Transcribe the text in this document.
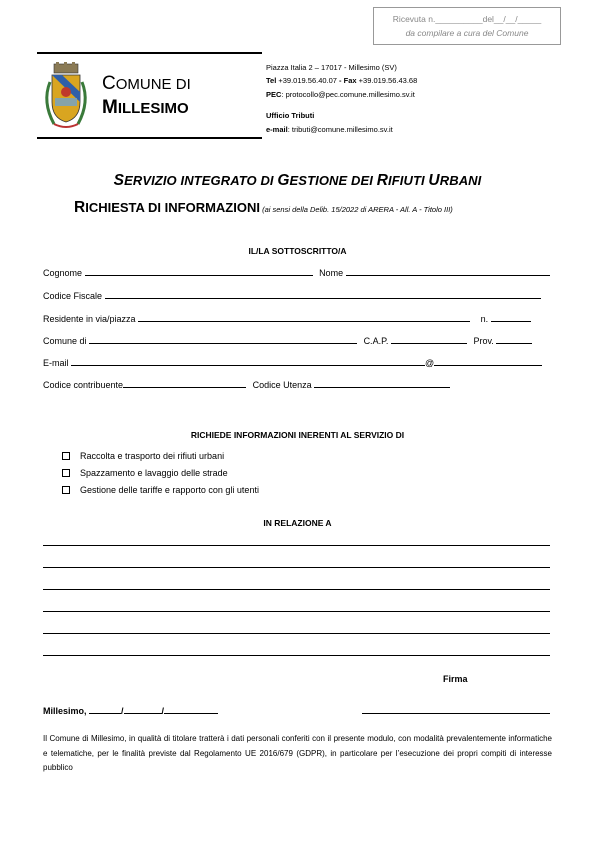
Ricevuta n.__________del__/__/_____
da compilare a cura del Comune
COMUNE DI
MILLESIMO
Piazza Italia 2 – 17017 - Millesimo (SV)
Tel +39.019.56.40.07 - Fax +39.019.56.43.68
PEC: protocollo@pec.comune.millesimo.sv.it
Ufficio Tributi
e-mail: tributi@comune.millesimo.sv.it
SERVIZIO INTEGRATO DI GESTIONE DEI RIFIUTI URBANI
RICHIESTA DI INFORMAZIONI (ai sensi della Delib. 15/2022 di ARERA - All. A - Titolo III)
IL/LA SOTTOSCRITTO/A
Cognome	Nome
Codice Fiscale
Residente in via/piazza	n.
Comune di	C.A.P.	Prov.
E-mail	@
Codice contribuente	Codice Utenza
RICHIEDE INFORMAZIONI INERENTI AL SERVIZIO DI
Raccolta e trasporto dei rifiuti urbani
Spazzamento e lavaggio delle strade
Gestione delle tariffe e rapporto con gli utenti
IN RELAZIONE A
Firma
Millesimo,	/	/
Il Comune di Millesimo, in qualità di titolare tratterà i dati personali conferiti con il presente modulo, con modalità prevalentemente informatiche e telematiche, per le finalità previste dal Regolamento UE 2016/679 (GDPR), in particolare per l’esecuzione dei propri compiti di interesse pubblico
